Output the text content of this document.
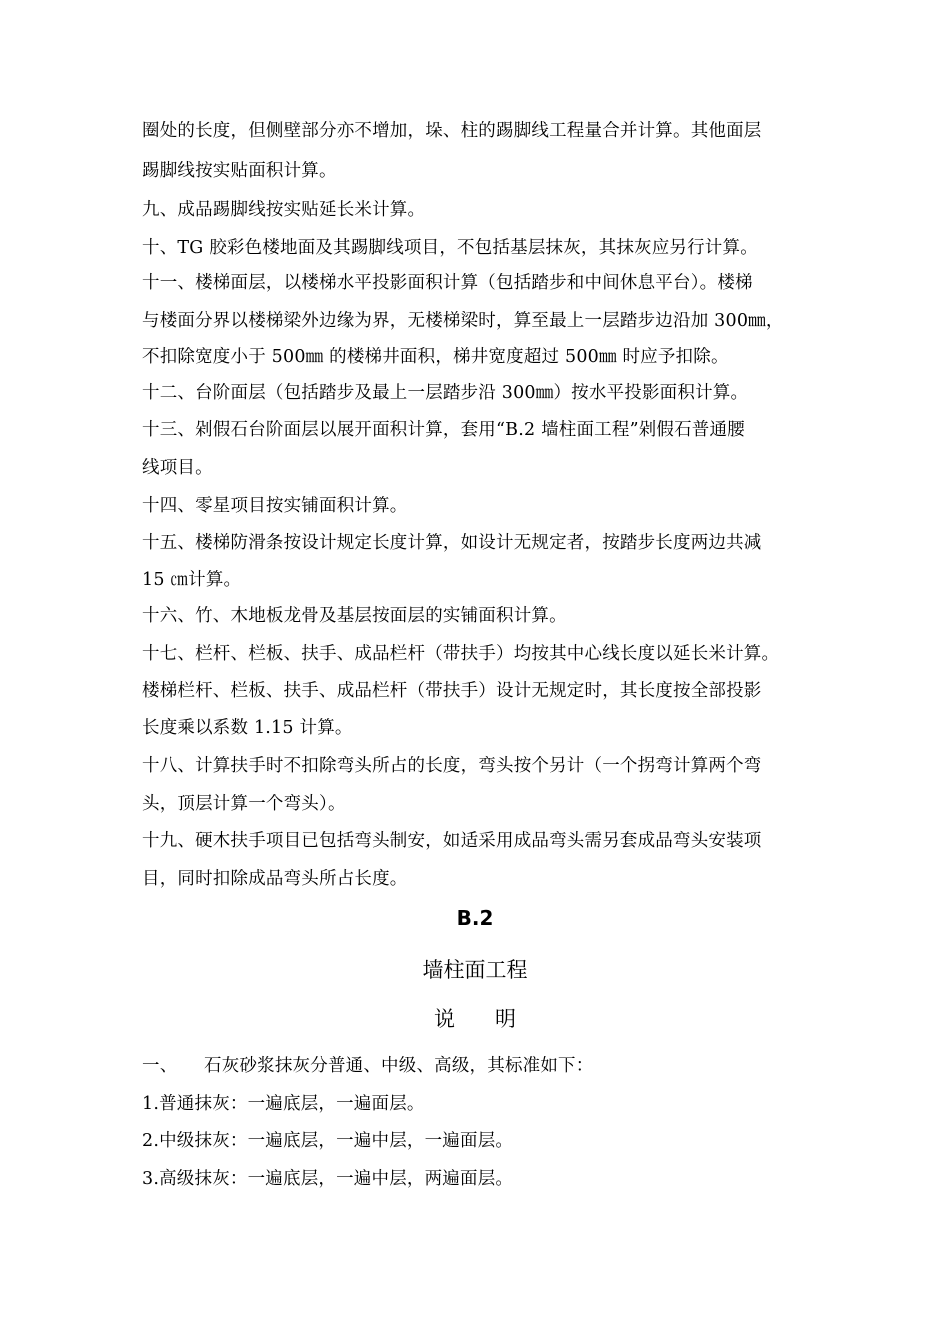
圈处的长度，但侧壁部分亦不增加，垛、柱的踢脚线工程量合并计算。其他面层
踢脚线按实贴面积计算。
九、成品踢脚线按实贴延长米计算。
十、TG 胶彩色楼地面及其踢脚线项目，不包括基层抹灰，其抹灰应另行计算。
十一、楼梯面层，以楼梯水平投影面积计算（包括踏步和中间休息平台）。楼梯
与楼面分界以楼梯梁外边缘为界，无楼梯梁时，算至最上一层踏步边沿加 300㎜，
不扣除宽度小于 500㎜ 的楼梯井面积，梯井宽度超过 500㎜ 时应予扣除。
十二、台阶面层（包括踏步及最上一层踏步沿 300㎜）按水平投影面积计算。
十三、剁假石台阶面层以展开面积计算，套用“B.2 墙柱面工程”剁假石普通腰
线项目。
十四、零星项目按实铺面积计算。
十五、楼梯防滑条按设计规定长度计算，如设计无规定者，按踏步长度两边共减
15 ㎝计算。
十六、竹、木地板龙骨及基层按面层的实铺面积计算。
十七、栏杆、栏板、扶手、成品栏杆（带扶手）均按其中心线长度以延长米计算。
楼梯栏杆、栏板、扶手、成品栏杆（带扶手）设计无规定时，其长度按全部投影
长度乘以系数 1.15 计算。
十八、计算扶手时不扣除弯头所占的长度，弯头按个另计（一个拐弯计算两个弯
头，顶层计算一个弯头）。
十九、硬木扶手项目已包括弯头制安，如适采用成品弯头需另套成品弯头安装项
目，同时扣除成品弯头所占长度。
B.2
墙柱面工程
说明
一、　　石灰砂浆抹灰分普通、中级、高级，其标准如下：
1.普通抹灰：一遍底层，一遍面层。
2.中级抹灰：一遍底层，一遍中层，一遍面层。
3.高级抹灰：一遍底层，一遍中层，两遍面层。
